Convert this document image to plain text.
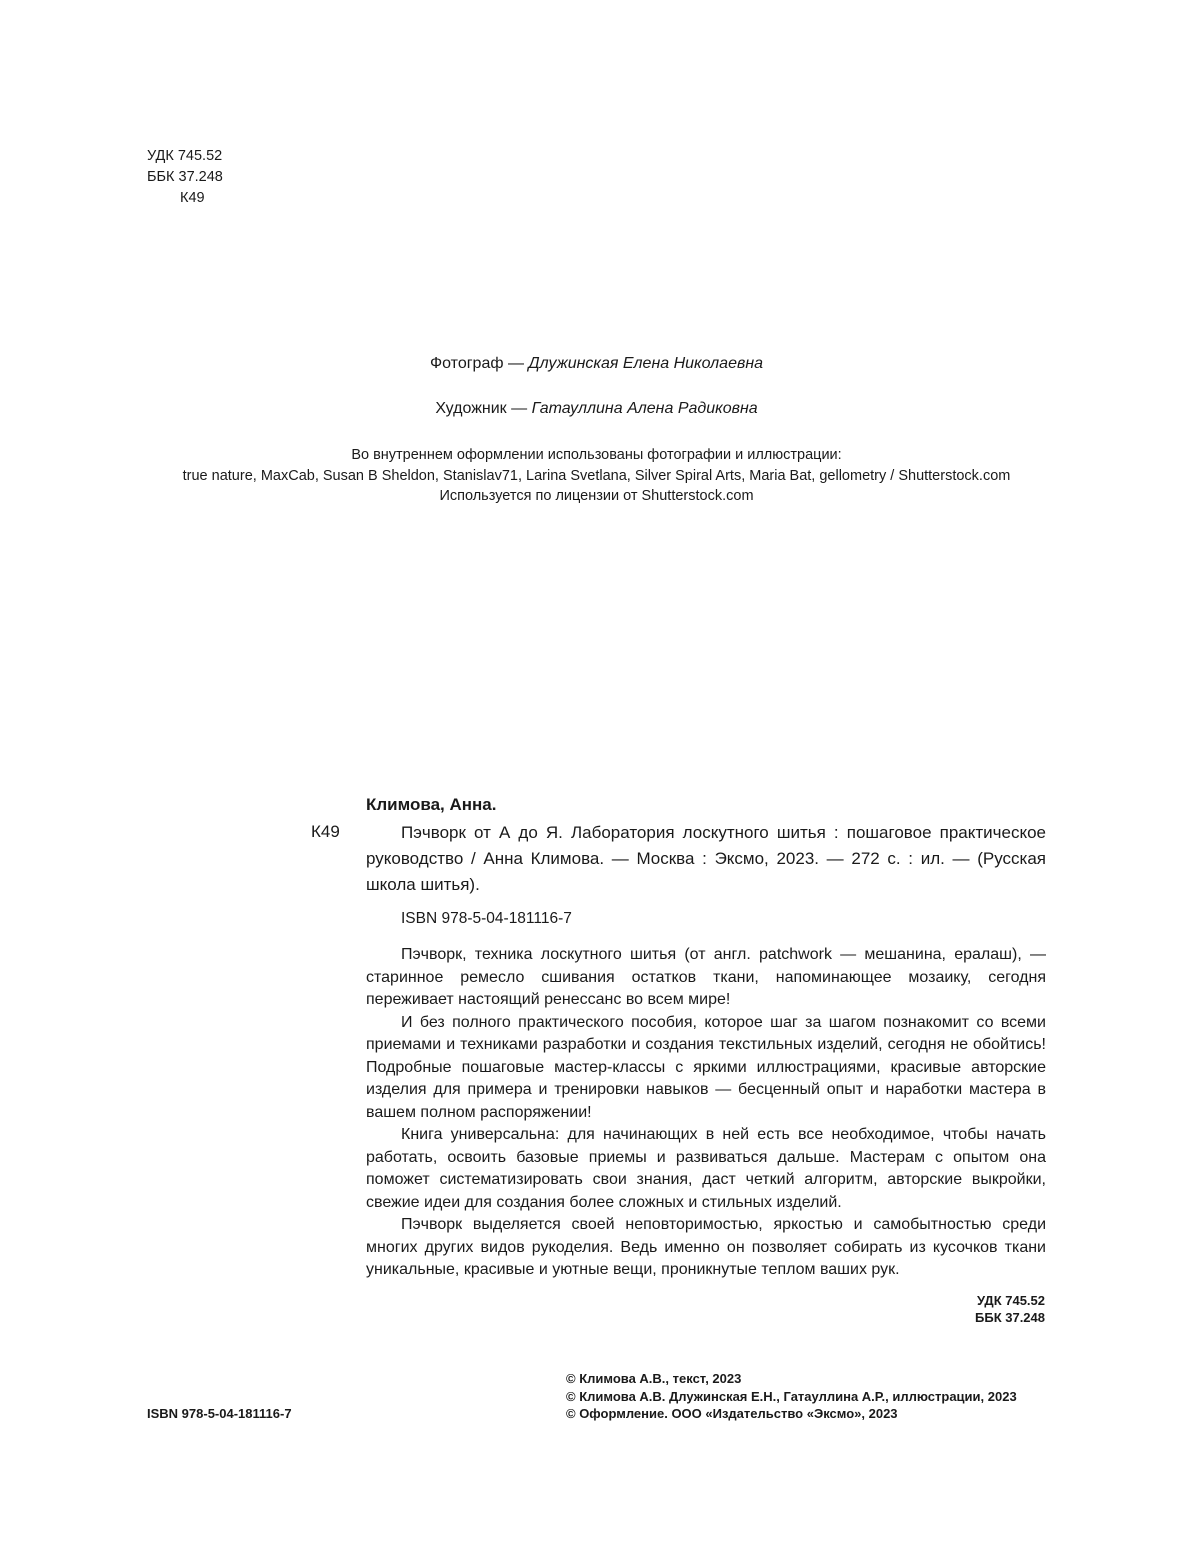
УДК 745.52
ББК 37.248
К49
Фотограф — Длужинская Елена Николаевна
Художник — Гатауллина Алена Радиковна
Во внутреннем оформлении использованы фотографии и иллюстрации:
true nature, MaxCab, Susan B Sheldon, Stanislav71, Larina Svetlana, Silver Spiral Arts, Maria Bat, gellometry / Shutterstock.com
Используется по лицензии от Shutterstock.com
Климова, Анна.
К49	Пэчворк от А до Я. Лаборатория лоскутного шитья : пошаговое практическое руководство / Анна Климова. — Москва : Эксмо, 2023. — 272 с. : ил. — (Русская школа шитья).

ISBN 978-5-04-181116-7

Пэчворк, техника лоскутного шитья (от англ. patchwork — мешанина, ералаш), — старинное ремесло сшивания остатков ткани, напоминающее мозаику, сегодня переживает настоящий ренессанс во всем мире!

И без полного практического пособия, которое шаг за шагом познакомит со всеми приемами и техниками разработки и создания текстильных изделий, сегодня не обойтись! Подробные пошаговые мастер-классы с яркими иллюстрациями, красивые авторские изделия для примера и тренировки навыков — бесценный опыт и наработки мастера в вашем полном распоряжении!

Книга универсальна: для начинающих в ней есть все необходимое, чтобы начать работать, освоить базовые приемы и развиваться дальше. Мастерам с опытом она поможет систематизировать свои знания, даст четкий алгоритм, авторские выкройки, свежие идеи для создания более сложных и стильных изделий.

Пэчворк выделяется своей неповторимостью, яркостью и самобытностью среди многих других видов рукоделия. Ведь именно он позволяет собирать из кусочков ткани уникальные, красивые и уютные вещи, проникнутые теплом ваших рук.

УДК 745.52
ББК 37.248
ISBN 978-5-04-181116-7
© Климова А.В., текст, 2023
© Климова А.В. Длужинская Е.Н., Гатауллина А.Р., иллюстрации, 2023
© Оформление. ООО «Издательство «Эксмо», 2023
